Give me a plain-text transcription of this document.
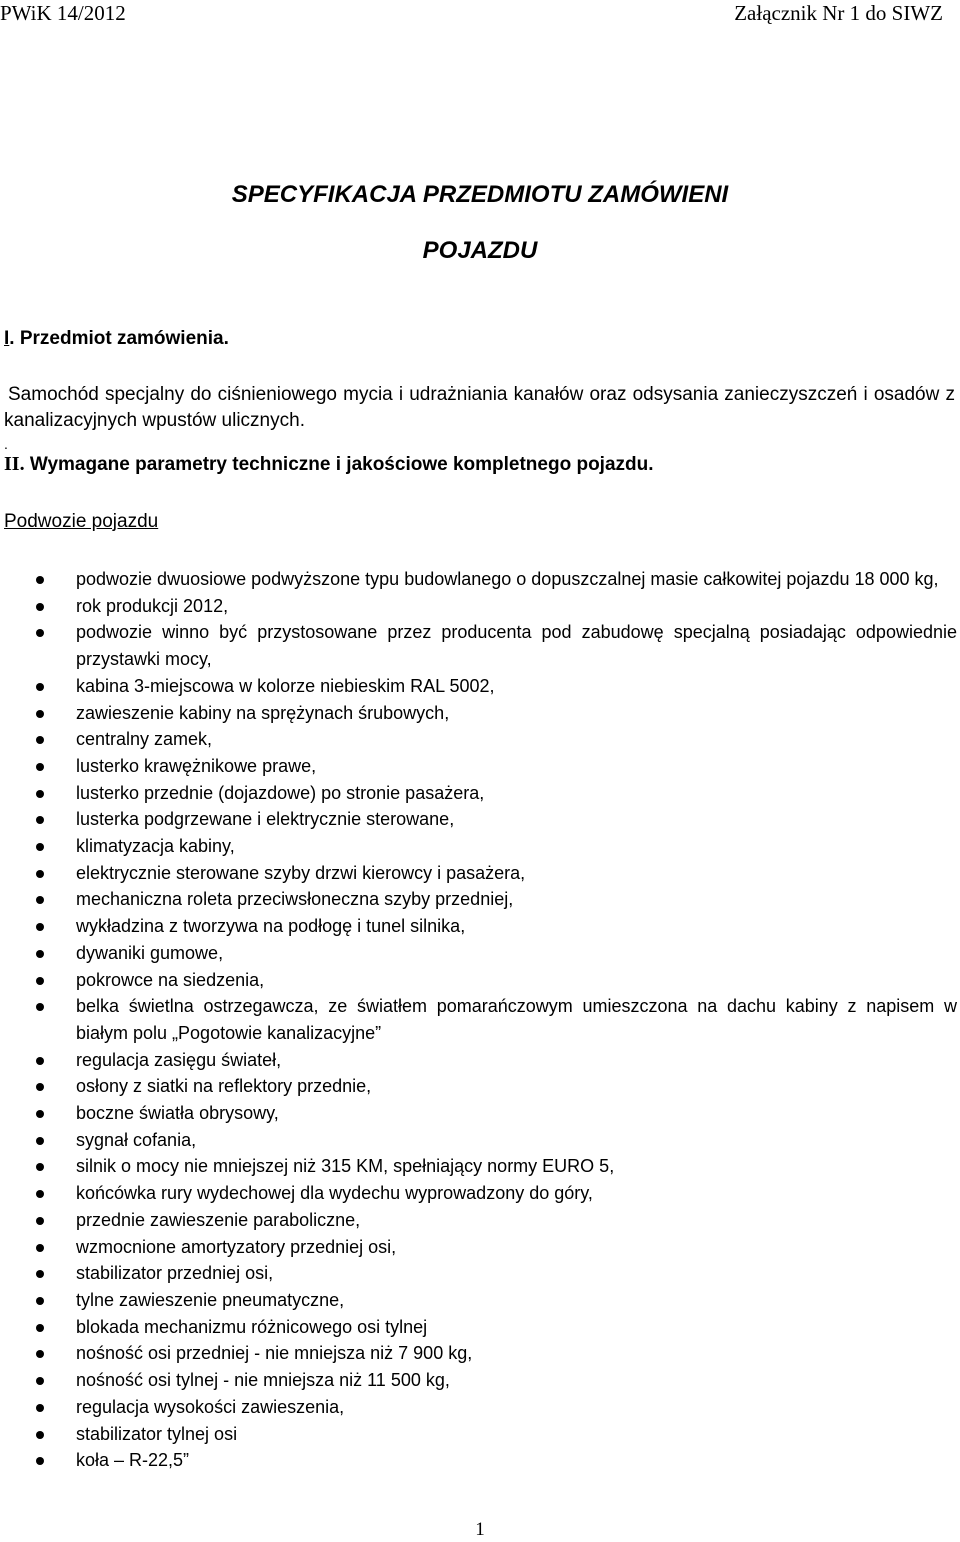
PWiK 14/2012	Załącznik Nr 1 do SIWZ
SPECYFIKACJA PRZEDMIOTU ZAMÓWIENI
POJAZDU
I. Przedmiot zamówienia.
Samochód specjalny do ciśnieniowego mycia i udrażniania kanałów oraz odsysania zanieczyszczeń i osadów z kanalizacyjnych wpustów ulicznych.
.
II. Wymagane parametry techniczne i jakościowe kompletnego pojazdu.
Podwozie pojazdu
podwozie dwuosiowe podwyższone typu budowlanego o dopuszczalnej masie całkowitej pojazdu 18 000 kg,
rok produkcji 2012,
podwozie winno być przystosowane przez producenta pod zabudowę specjalną posiadając odpowiednie przystawki mocy,
kabina 3-miejscowa w kolorze niebieskim RAL 5002,
zawieszenie kabiny na sprężynach śrubowych,
centralny zamek,
lusterko krawężnikowe prawe,
lusterko przednie (dojazdowe) po stronie pasażera,
lusterka podgrzewane i elektrycznie sterowane,
klimatyzacja kabiny,
elektrycznie sterowane szyby drzwi kierowcy i pasażera,
mechaniczna roleta przeciwsłoneczna szyby przedniej,
wykładzina z tworzywa na podłogę i tunel silnika,
dywaniki gumowe,
pokrowce na siedzenia,
belka świetlna ostrzegawcza, ze światłem pomarańczowym umieszczona na dachu kabiny z napisem w białym polu „Pogotowie kanalizacyjne”
regulacja zasięgu świateł,
osłony z siatki na reflektory przednie,
boczne światła obrysowy,
sygnał cofania,
silnik o mocy nie mniejszej niż 315 KM, spełniający normy EURO 5,
końcówka rury wydechowej dla wydechu wyprowadzony do góry,
przednie zawieszenie paraboliczne,
wzmocnione amortyzatory przedniej osi,
stabilizator przedniej osi,
tylne zawieszenie pneumatyczne,
blokada mechanizmu różnicowego osi tylnej
nośność osi przedniej - nie mniejsza niż 7 900 kg,
nośność osi tylnej - nie mniejsza niż 11 500 kg,
regulacja wysokości zawieszenia,
stabilizator tylnej osi
koła – R-22,5”
1
